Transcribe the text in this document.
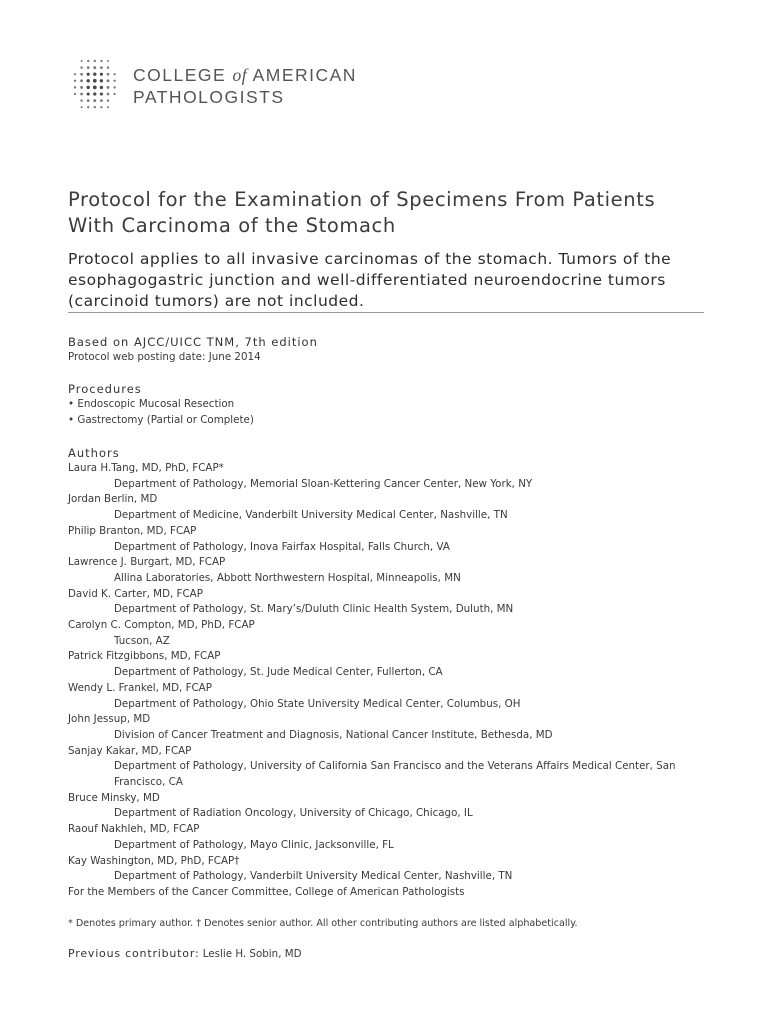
COLLEGE of AMERICAN
PATHOLOGISTS
Protocol for the Examination of Specimens From Patients With Carcinoma of the Stomach

Protocol applies to all invasive carcinomas of the stomach. Tumors of the esophagogastric junction and well-differentiated neuroendocrine tumors (carcinoid tumors) are not included.

Based on AJCC/UICC TNM, 7th edition
Protocol web posting date: June 2014
Procedures
• Endoscopic Mucosal Resection
• Gastrectomy (Partial or Complete)
Authors
Laura H.Tang, MD, PhD, FCAP*
Department of Pathology, Memorial Sloan-Kettering Cancer Center, New York, NY
Jordan Berlin, MD
Department of Medicine, Vanderbilt University Medical Center, Nashville, TN
Philip Branton, MD, FCAP
Department of Pathology, Inova Fairfax Hospital, Falls Church, VA
Lawrence J. Burgart, MD, FCAP
Allina Laboratories, Abbott Northwestern Hospital, Minneapolis, MN
David K. Carter, MD, FCAP
Department of Pathology, St. Mary’s/Duluth Clinic Health System, Duluth, MN
Carolyn C. Compton, MD, PhD, FCAP
Tucson, AZ
Patrick Fitzgibbons, MD, FCAP
Department of Pathology, St. Jude Medical Center, Fullerton, CA
Wendy L. Frankel, MD, FCAP
Department of Pathology, Ohio State University Medical Center, Columbus, OH
John Jessup, MD
Division of Cancer Treatment and Diagnosis, National Cancer Institute, Bethesda, MD
Sanjay Kakar, MD, FCAP
Department of Pathology, University of California San Francisco and the Veterans Affairs Medical Center, San Francisco, CA
Bruce Minsky, MD
Department of Radiation Oncology, University of Chicago, Chicago, IL
Raouf Nakhleh, MD, FCAP
Department of Pathology, Mayo Clinic, Jacksonville, FL
Kay Washington, MD, PhD, FCAP†
Department of Pathology, Vanderbilt University Medical Center, Nashville, TN
For the Members of the Cancer Committee, College of American Pathologists
* Denotes primary author. † Denotes senior author. All other contributing authors are listed alphabetically.
Previous contributor: Leslie H. Sobin, MD
